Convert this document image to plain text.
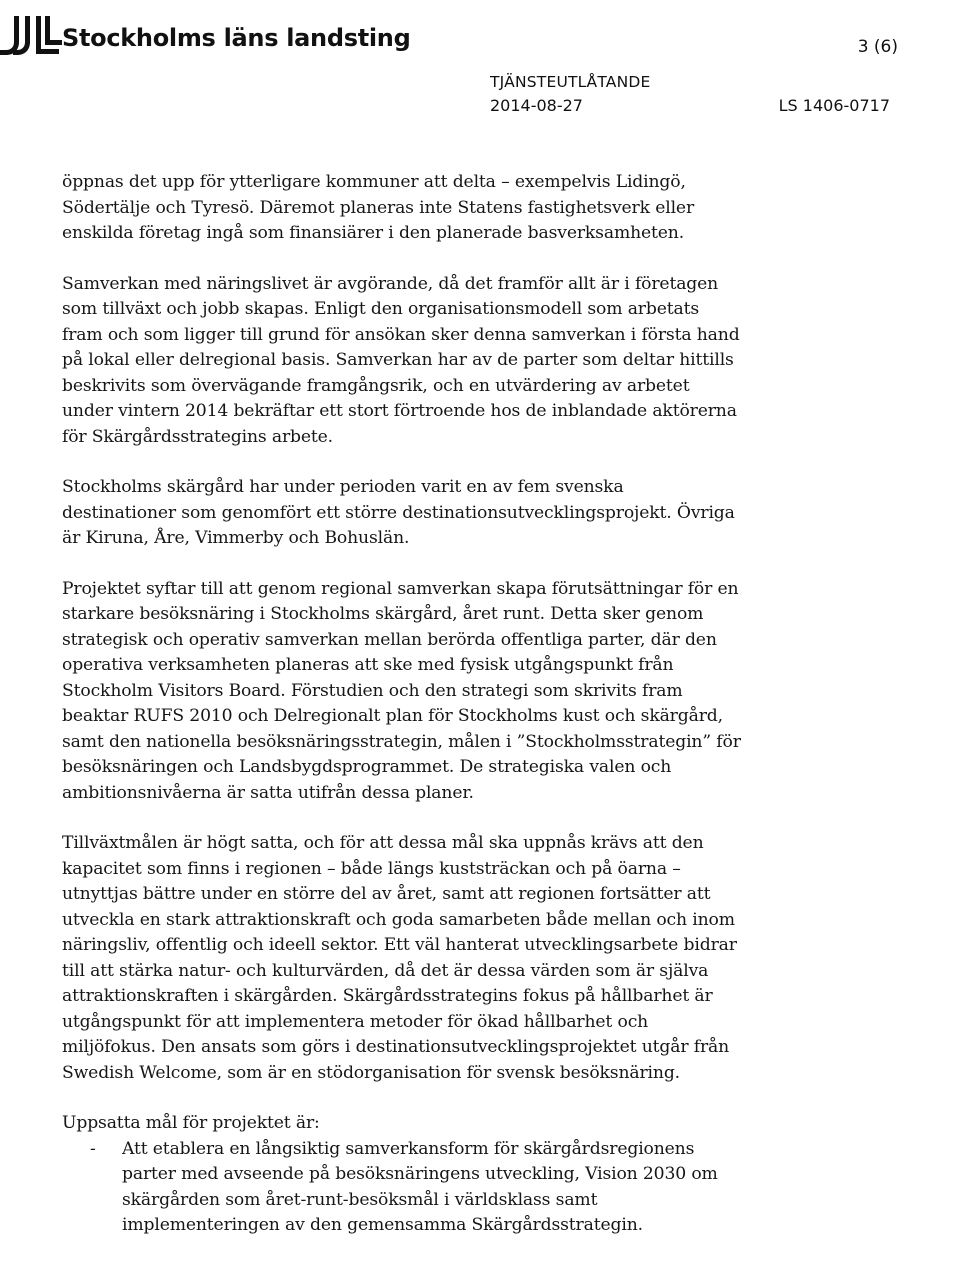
Stockholms läns landsting	3 (6)
TJÄNSTEUTLÅTANDE
2014-08-27	LS 1406-0717

öppnas det upp för ytterligare kommuner att delta – exempelvis Lidingö, Södertälje och Tyresö. Däremot planeras inte Statens fastighetsverk eller enskilda företag ingå som finansiärer i den planerade basverksamheten.

Samverkan med näringslivet är avgörande, då det framför allt är i företagen som tillväxt och jobb skapas. Enligt den organisationsmodell som arbetats fram och som ligger till grund för ansökan sker denna samverkan i första hand på lokal eller delregional basis. Samverkan har av de parter som deltar hittills beskrivits som övervägande framgångsrik, och en utvärdering av arbetet under vintern 2014 bekräftar ett stort förtroende hos de inblandade aktörerna för Skärgårdsstrategins arbete.

Stockholms skärgård har under perioden varit en av fem svenska destinationer som genomfört ett större destinationsutvecklingsprojekt. Övriga är Kiruna, Åre, Vimmerby och Bohuslän.

Projektet syftar till att genom regional samverkan skapa förutsättningar för en starkare besöksnäring i Stockholms skärgård, året runt. Detta sker genom strategisk och operativ samverkan mellan berörda offentliga parter, där den operativa verksamheten planeras att ske med fysisk utgångspunkt från Stockholm Visitors Board. Förstudien och den strategi som skrivits fram beaktar RUFS 2010 och Delregionalt plan för Stockholms kust och skärgård, samt den nationella besöksnäringsstrategin, målen i ”Stockholmsstrategin” för besöksnäringen och Landsbygdsprogrammet. De strategiska valen och ambitionsnivåerna är satta utifrån dessa planer.

Tillväxtmålen är högt satta, och för att dessa mål ska uppnås krävs att den kapacitet som finns i regionen – både längs kuststräckan och på öarna – utnyttjas bättre under en större del av året, samt att regionen fortsätter att utveckla en stark attraktionskraft och goda samarbeten både mellan och inom näringsliv, offentlig och ideell sektor. Ett väl hanterat utvecklingsarbete bidrar till att stärka natur- och kulturvärden, då det är dessa värden som är själva attraktionskraften i skärgården. Skärgårdsstrategins fokus på hållbarhet är utgångspunkt för att implementera metoder för ökad hållbarhet och miljöfokus. Den ansats som görs i destinationsutvecklingsprojektet utgår från Swedish Welcome, som är en stödorganisation för svensk besöksnäring.

Uppsatta mål för projektet är:

- Att etablera en långsiktig samverkansform för skärgårdsregionens parter med avseende på besöksnäringens utveckling, Vision 2030 om skärgården som året-runt-besöksmål i världsklass samt implementeringen av den gemensamma Skärgårdsstrategin.
